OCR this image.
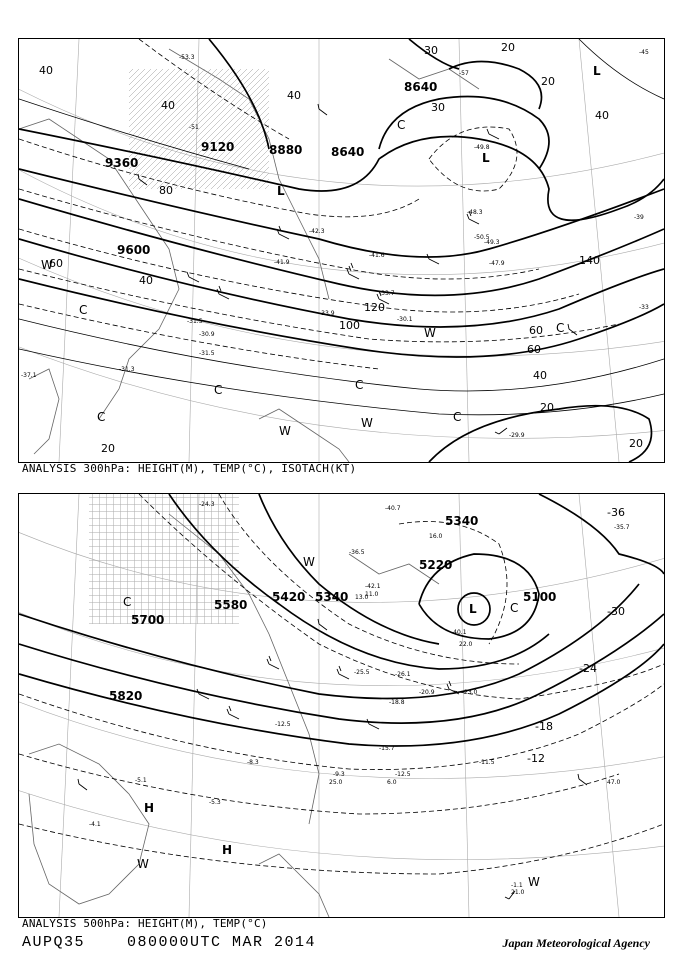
9360
9120	8880
8640
8640
9600
40
40
80
40
30	20
20
30
40
60
40
120
100
140
60
60
40
20
20	20
-53.3
-57
-51
-49.8
-48.3
-50.5
-42.3
-41.6
-41.9
-33.7
-33.9
-31.5
-30.9
-30.1
-31.5
-31.3
-37.1
-29.9
-47.9
-49.3
-45
-39
-33
L
L
L
W
C
C
C
C
C
W
W
W
C
C
ANALYSIS 300hPa: HEIGHT(M), TEMP(°C), ISOTACH(KT)
5340
5220
5100
5340
5420
5580
5700
5820
-36
-30
-24
-18
-12
-24.3
-35.7
-40.7
-36.5
-42.1
-40.1
-26.1
-25.5
-20.9
-18.8
-12.5
-15.7
-12.5
-11.5
-5.1
-5.3
-4.1
-1.1
-9.3
-8.3
21.0
25.0
23.0
13.0
22.0
11.0
16.0
6.0	47.0
L
H
H
C	C
W
W
W
ANALYSIS 500hPa: HEIGHT(M), TEMP(°C)
AUPQ35	080000UTC MAR 2014	Japan Meteorological Agency
